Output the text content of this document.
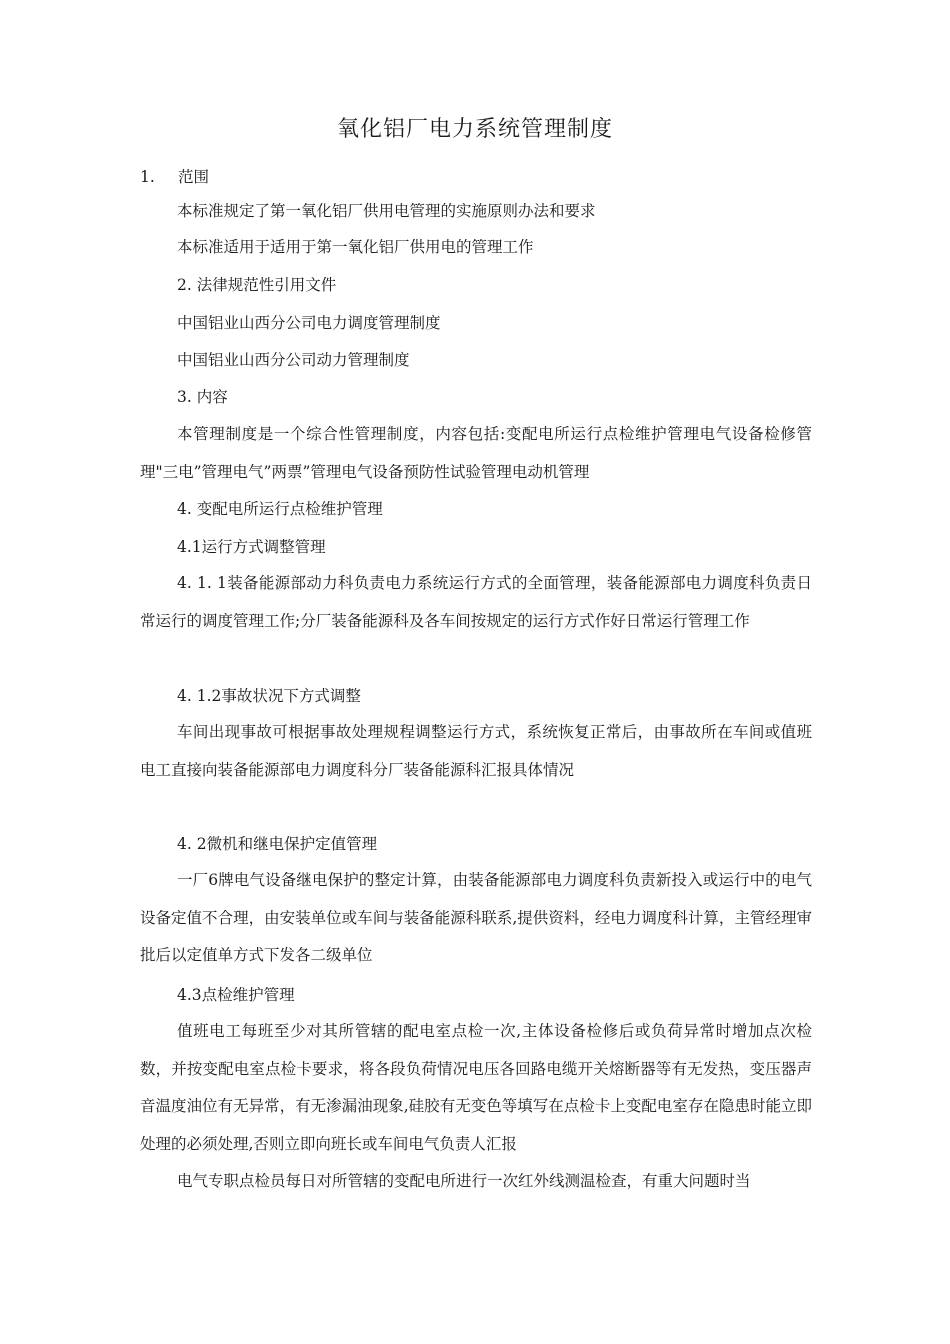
氧化铝厂电力系统管理制度
1. 范围
本标准规定了第一氧化铝厂供用电管理的实施原则办法和要求
本标准适用于适用于第一氧化铝厂供用电的管理工作
2. 法律规范性引用文件
中国铝业山西分公司电力调度管理制度
中国铝业山西分公司动力管理制度
3. 内容
本管理制度是一个综合性管理制度，内容包括:变配电所运行点检维护管理电气设备检修管理"三电”管理电气”两票”管理电气设备预防性试验管理电动机管理
4. 变配电所运行点检维护管理
4.1运行方式调整管理
4. 1. 1装备能源部动力科负责电力系统运行方式的全面管理，装备能源部电力调度科负责日常运行的调度管理工作;分厂装备能源科及各车间按规定的运行方式作好日常运行管理工作
4. 1.2事故状况下方式调整
车间出现事故可根据事故处理规程调整运行方式，系统恢复正常后，由事故所在车间或值班电工直接向装备能源部电力调度科分厂装备能源科汇报具体情况
4. 2微机和继电保护定值管理
一厂6牌电气设备继电保护的整定计算，由装备能源部电力调度科负责新投入或运行中的电气设备定值不合理，由安装单位或车间与装备能源科联系,提供资料，经电力调度科计算，主管经理审批后以定值单方式下发各二级单位
4.3点检维护管理
值班电工每班至少对其所管辖的配电室点检一次,主体设备检修后或负荷异常时增加点次检数，并按变配电室点检卡要求，将各段负荷情况电压各回路电缆开关熔断器等有无发热，变压器声音温度油位有无异常，有无渗漏油现象,硅胶有无变色等填写在点检卡上变配电室存在隐患时能立即处理的必须处理,否则立即向班长或车间电气负责人汇报
电气专职点检员每日对所管辖的变配电所进行一次红外线测温检查，有重大问题时当
